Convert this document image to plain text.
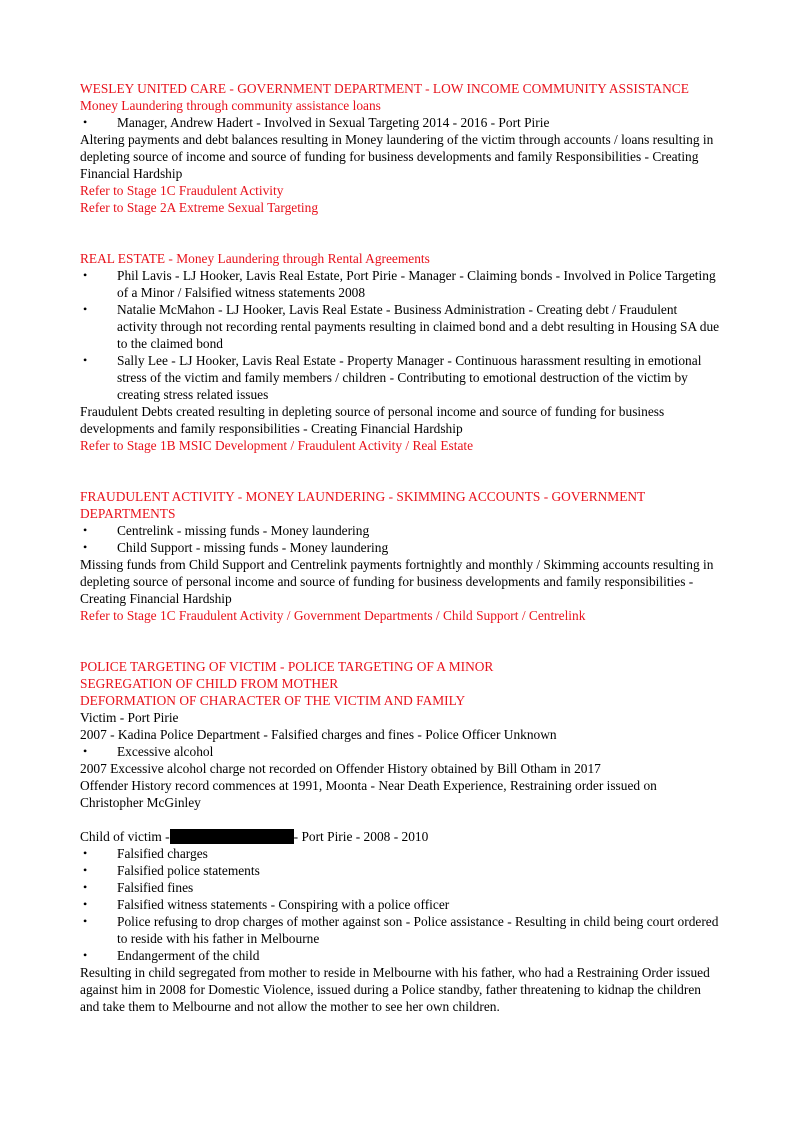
WESLEY UNITED CARE - GOVERNMENT DEPARTMENT - LOW INCOME COMMUNITY ASSISTANCE

Money Laundering through community assistance loans

• Manager, Andrew Hadert - Involved in Sexual Targeting 2014 - 2016 - Port Pirie

Altering payments and debt balances resulting in Money laundering of the victim through accounts / loans resulting in depleting source of income and source of funding for business developments and family Responsibilities - Creating Financial Hardship

Refer to Stage 1C Fraudulent Activity

Refer to Stage 2A Extreme Sexual Targeting

REAL ESTATE - Money Laundering through Rental Agreements

• Phil Lavis - LJ Hooker, Lavis Real Estate, Port Pirie - Manager - Claiming bonds - Involved in Police Targeting of a Minor / Falsified witness statements 2008
• Natalie McMahon - LJ Hooker, Lavis Real Estate - Business Administration - Creating debt / Fraudulent activity through not recording rental payments resulting in claimed bond and a debt resulting in Housing SA due to the claimed bond
• Sally Lee - LJ Hooker, Lavis Real Estate - Property Manager - Continuous harassment resulting in emotional stress of the victim and family members / children - Contributing to emotional destruction of the victim by creating stress related issues

Fraudulent Debts created resulting in depleting source of personal income and source of funding for business developments and family responsibilities - Creating Financial Hardship

Refer to Stage 1B MSIC Development / Fraudulent Activity / Real Estate

FRAUDULENT ACTIVITY - MONEY LAUNDERING - SKIMMING ACCOUNTS - GOVERNMENT DEPARTMENTS

• Centrelink - missing funds - Money laundering
• Child Support - missing funds - Money laundering

Missing funds from Child Support and Centrelink payments fortnightly and monthly / Skimming accounts resulting in depleting source of personal income and source of funding for business developments and family responsibilities - Creating Financial Hardship

Refer to Stage 1C Fraudulent Activity / Government Departments / Child Support / Centrelink

POLICE TARGETING OF VICTIM - POLICE TARGETING OF A MINOR

SEGREGATION OF CHILD FROM MOTHER

DEFORMATION OF CHARACTER OF THE VICTIM AND FAMILY

Victim - Port Pirie

2007 - Kadina Police Department - Falsified charges and fines - Police Officer Unknown

• Excessive alcohol

2007 Excessive alcohol charge not recorded on Offender History obtained by Bill Otham in 2017

Offender History record commences at 1991, Moonta - Near Death Experience, Restraining order issued on Christopher McGinley

Child of victim -	- Port Pirie - 2008 - 2010

• Falsified charges
• Falsified police statements
• Falsified fines
• Falsified witness statements - Conspiring with a police officer
• Police refusing to drop charges of mother against son - Police assistance - Resulting in child being court ordered to reside with his father in Melbourne
• Endangerment of the child

Resulting in child segregated from mother to reside in Melbourne with his father, who had a Restraining Order issued against him in 2008 for Domestic Violence, issued during a Police standby, father threatening to kidnap the children and take them to Melbourne and not allow the mother to see her own children.
